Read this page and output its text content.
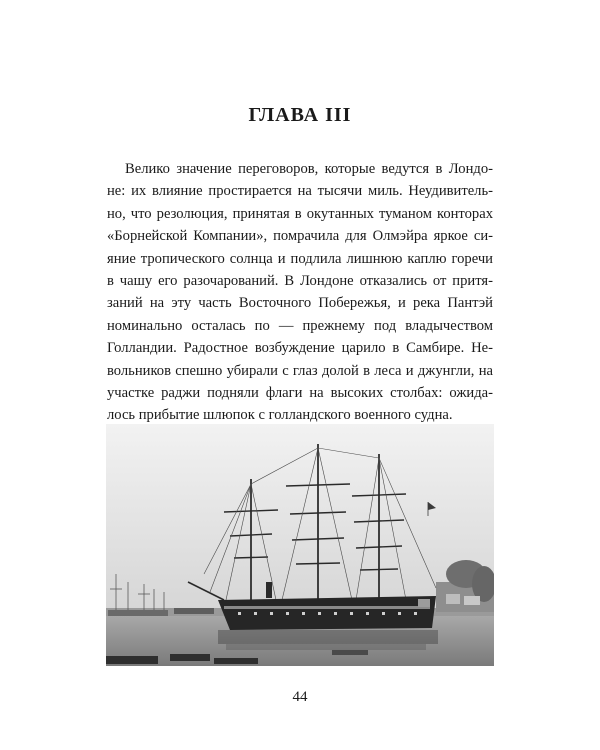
ГЛАВА III
Велико значение переговоров, которые ведутся в Лондо-
не: их влияние простирается на тысячи миль. Неудивитель-
но, что резолюция, принятая в окутанных туманом конторах
«Борнейской Компании», помрачила для Олмэйра яркое си-
яние тропического солнца и подлила лишнюю каплю горечи
в чашу его разочарований. В Лондоне отказались от притя-
заний на эту часть Восточного Побережья, и река Пантэй
номинально осталась по — прежнему под владычеством
Голландии. Радостное возбуждение царило в Самбире. Не-
вольников спешно убирали с глаз долой в леса и джунгли, на
участке раджи подняли флаги на высоких столбах: ожида-
лось прибытие шлюпок с голландского военного судна.

44
